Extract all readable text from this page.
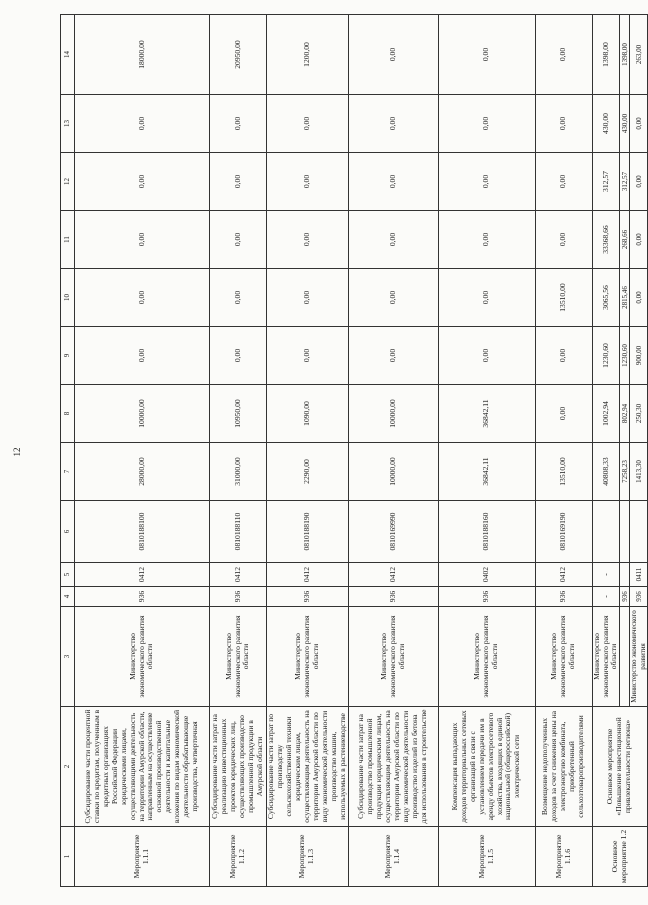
12
1	2	3	4	5	6	7	8	9	10	11	12	13	14
Мероприятие 1.1.1	Субсидирование части процентной ставки по кредитам, полученным в кредитных организациях Российской Федерации юридическими лицами, осуществляющими деятельность на территории Амурской области, направленным на осуществление основной производственной деятельности и капитальные вложения по видам экономической деятельности обрабатывающие производства, четвертичная	Министерство экономического развития области	936	0412	0810188100	28000,00	10000,00	0,00	0,00	0,00	0,00	0,00	18000,00
Мероприятие 1.1.2	Субсидирование части затрат на реализацию инвестиционных проектов юридических лиц, осуществляющих производство промышленной продукции в Амурской области	Министерство экономического развития области	936	0412	0810188110	31000,00	10950,00	0,00	0,00	0,00	0,00	0,00	20950,00
Мероприятие 1.1.3	Субсидирование части затрат по производству сельскохозяйственной техники юридическим лицам, осуществляющим деятельность на территории Амурской области по виду экономической деятельности производство машин, используемых в растениеводстве	Министерство экономического развития области	936	0412	0810188190	2290,00	1090,00	0,00	0,00	0,00	0,00	0,00	1200,00
Мероприятие 1.1.4	Субсидирование части затрат на производство промышленной продукции юридическим лицам, осуществляющим деятельность на территории Амурской области по виду экономической деятельности производство изделий из бетона для использования в строительстве	Министерство экономического развития области	936	0412	0810169990	10000,00	10000,00	0,00	0,00	0,00	0,00	0,00	0,00
Мероприятие 1.1.5	Компенсация выпадающих доходов территориальных сетевых организаций в связи с установлением передачи им в аренду объектов электросетевого хозяйства, входящих в единой национальной (общероссийской) электрической сети	Министерство экономического развития области	936	0402	0810188160	36842,11	36842,11	0,00	0,00	0,00	0,00	0,00	0,00
Мероприятие 1.1.6	Возмещение недополученных доходов за счет снижения цены на электроэнергию комбината, приобретенный сельхозтоваропроизводителями	Министерство экономического развития области	936	0412	0810169190	13510,00	0,00	0,00	13510,00	0,00	0,00	0,00	0,00
Основное мероприятие 1.2	Основное мероприятие «Повышение инвестиционной привлекательности региона»	Министерство экономического развития области	-	-		40808,33	1002,94	1230,60	3065,56	33368,66	312,57	430,00	1398,00
			936			7258,23	802,94	1230,60	2815,46	268,66	312,57	430,00	1398,00
		Министерство экономического развития	936	0411		1413,30	250,30	900,00	0,00	0,00	0,00	0,00	263,00
